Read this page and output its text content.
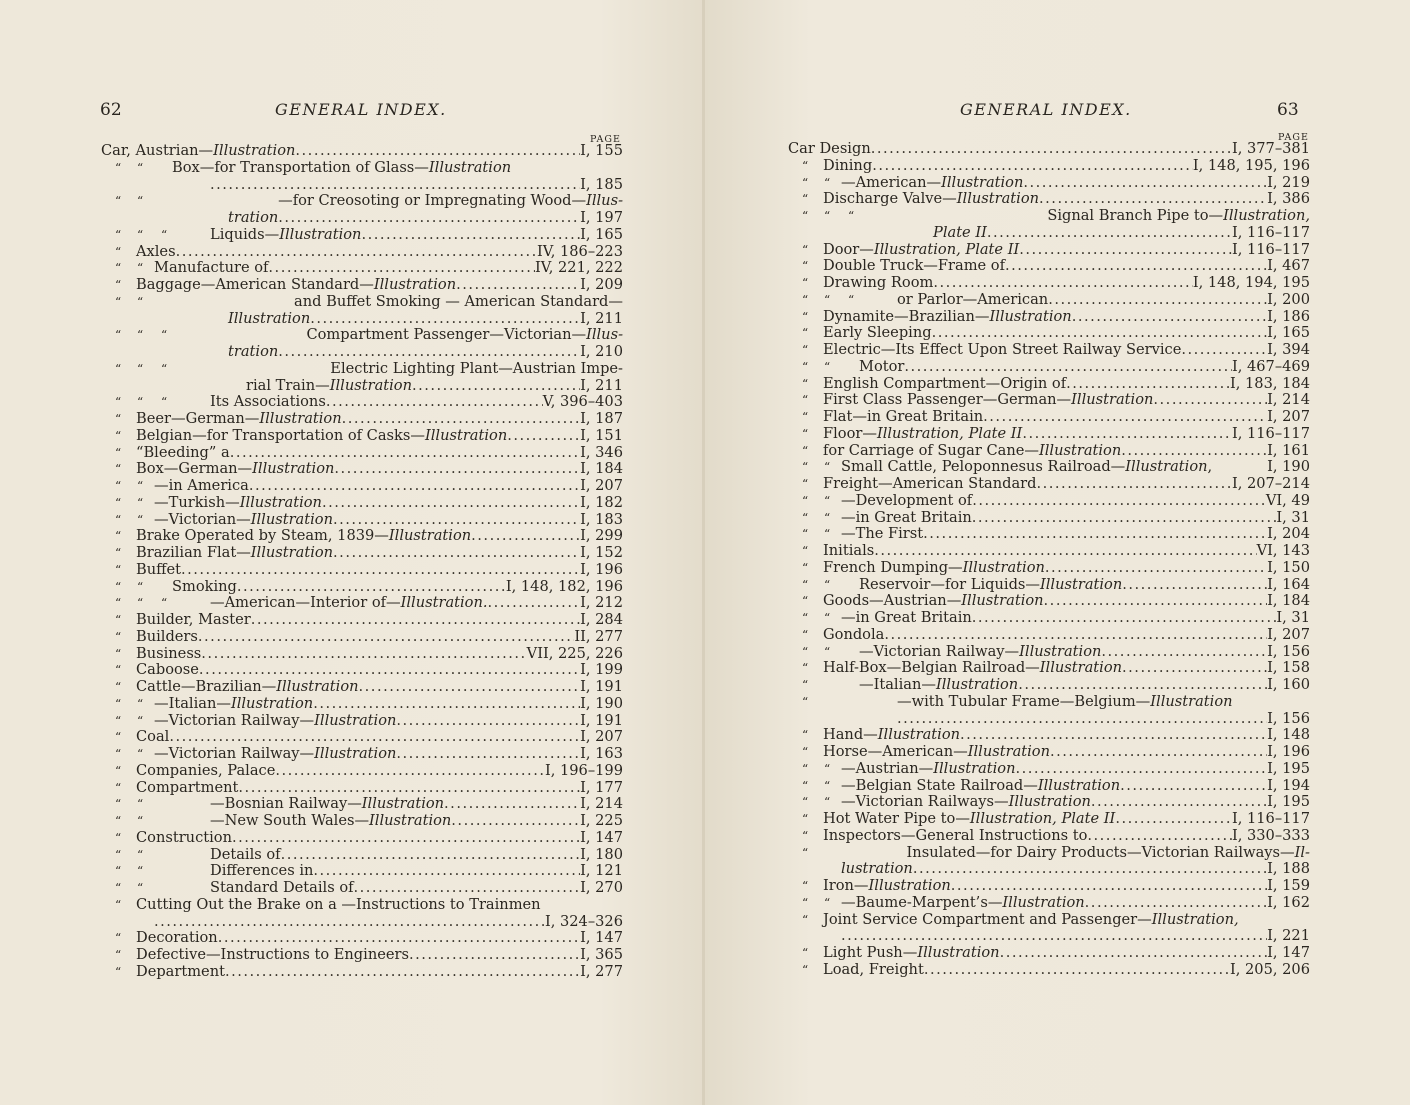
62	GENERAL INDEX.
PAGE
Car, Austrian—Illustration .....	I, 155
“ “ Box—for Transportation of Glass—Illustration
.....
I, 185
“ “	—for Creosoting or Impregnating Wood—Illus-
tration .....	I, 197
“ “ “	Liquids—Illustration .....	I, 165
“ Axles .....	IV, 186–223
“ “ Manufacture of .....	IV, 221, 222
“ Baggage—American Standard—Illustration .....	I, 209
“ “	and Buffet Smoking — American Standard—
Illustration .....	I, 211
“ “ “	Compartment Passenger—Victorian—Illus-
tration .....	I, 210
“ “ “	Electric Lighting Plant—Austrian Impe-
rial Train—Illustration .....	I, 211
“ “ “	Its Associations .....	V, 396–403
“ Beer—German—Illustration .....	I, 187
“ Belgian—for Transportation of Casks—Illustration .....	I, 151
“ “Bleeding” a .....	I, 346
“ Box—German—Illustration .....	I, 184
“ “ —in America .....	I, 207
“ “ —Turkish—Illustration .....	I, 182
“ “ —Victorian—Illustration .....	I, 183
“ Brake Operated by Steam, 1839—Illustration .....	I, 299
“ Brazilian Flat—Illustration .....	I, 152
“ Buffet .....	I, 196
“ “ Smoking .....	I, 148, 182, 196
“ “ “	—American—Interior of—Illustration. .....	I, 212
“ Builder, Master .....	I, 284
“ Builders .....	II, 277
“ Business .....	VII, 225, 226
“ Caboose .....	I, 199
“ Cattle—Brazilian—Illustration .....	I, 191
“ “ —Italian—Illustration .....	I, 190
“ “ —Victorian Railway—Illustration .....	I, 191
“ Coal .....	I, 207
“ “ —Victorian Railway—Illustration .....	I, 163
“ Companies, Palace .....	I, 196–199
“ Compartment .....	I, 177
“ “	—Bosnian Railway—Illustration .....	I, 214
“ “	—New South Wales—Illustration .....	I, 225
“ Construction .....	I, 147
“ “	Details of .....	I, 180
“ “	Differences in .....	I, 121
“ “	Standard Details of .....	I, 270
“ Cutting Out the Brake on a —Instructions to Trainmen
.....
I, 324–326
“ Decoration .....	I, 147
“ Defective—Instructions to Engineers .....	I, 365
“ Department .....	I, 277
GENERAL INDEX.	63
PAGE
Car Design .....	I, 377–381
“ Dining .....	I, 148, 195, 196
“ “ —American—Illustration .....	I, 219
“ Discharge Valve—Illustration .....	I, 386
“ “ “	Signal Branch Pipe to—Illustration,
Plate II .....	I, 116–117
“ Door—Illustration, Plate II .....	I, 116–117
“ Double Truck—Frame of .....	I, 467
“ Drawing Room .....	I, 148, 194, 195
“ “ “	or Parlor—American .....	I, 200
“ Dynamite—Brazilian—Illustration .....	I, 186
“ Early Sleeping .....	I, 165
“ Electric—Its Effect Upon Street Railway Service .....	I, 394
“ “ Motor .....	I, 467–469
“ English Compartment—Origin of .....	I, 183, 184
“ First Class Passenger—German—Illustration .....	I, 214
“ Flat—in Great Britain .....	I, 207
“ Floor—Illustration, Plate II .....	I, 116–117
“ for Carriage of Sugar Cane—Illustration .....	I, 161
“ “ Small Cattle, Peloponnesus Railroad—Illustration,	I, 190
“ Freight—American Standard .....	I, 207–214
“ “ —Development of .....	VI, 49
“ “ —in Great Britain .....	I, 31
“ “ —The First .....	I, 204
“ Initials .....	VI, 143
“ French Dumping—Illustration .....	I, 150
“ “ Reservoir—for Liquids—Illustration .....	I, 164
“ Goods—Austrian—Illustration .....	I, 184
“ “ —in Great Britain .....	I, 31
“ Gondola .....	I, 207
“ “ —Victorian Railway—Illustration .....	I, 156
“ Half-Box—Belgian Railroad—Illustration .....	I, 158
“	—Italian—Illustration .....	I, 160
“	—with Tubular Frame—Belgium—Illustration
.....
I, 156
“ Hand—Illustration .....	I, 148
“ Horse—American—Illustration .....	I, 196
“ “ —Austrian—Illustration .....	I, 195
“ “ —Belgian State Railroad—Illustration .....	I, 194
“ “ —Victorian Railways—Illustration .....	I, 195
“ Hot Water Pipe to—Illustration, Plate II .....	I, 116–117
“ Inspectors—General Instructions to .....	I, 330–333
“	Insulated—for Dairy Products—Victorian Railways—Il-
lustration .....	I, 188
“ Iron—Illustration .....	I, 159
“ “ —Baume-Marpent’s—Illustration .....	I, 162
“ Joint Service Compartment and Passenger—Illustration,
.....
I, 221
“ Light Push—Illustration .....	I, 147
“ Load, Freight .....	I, 205, 206
